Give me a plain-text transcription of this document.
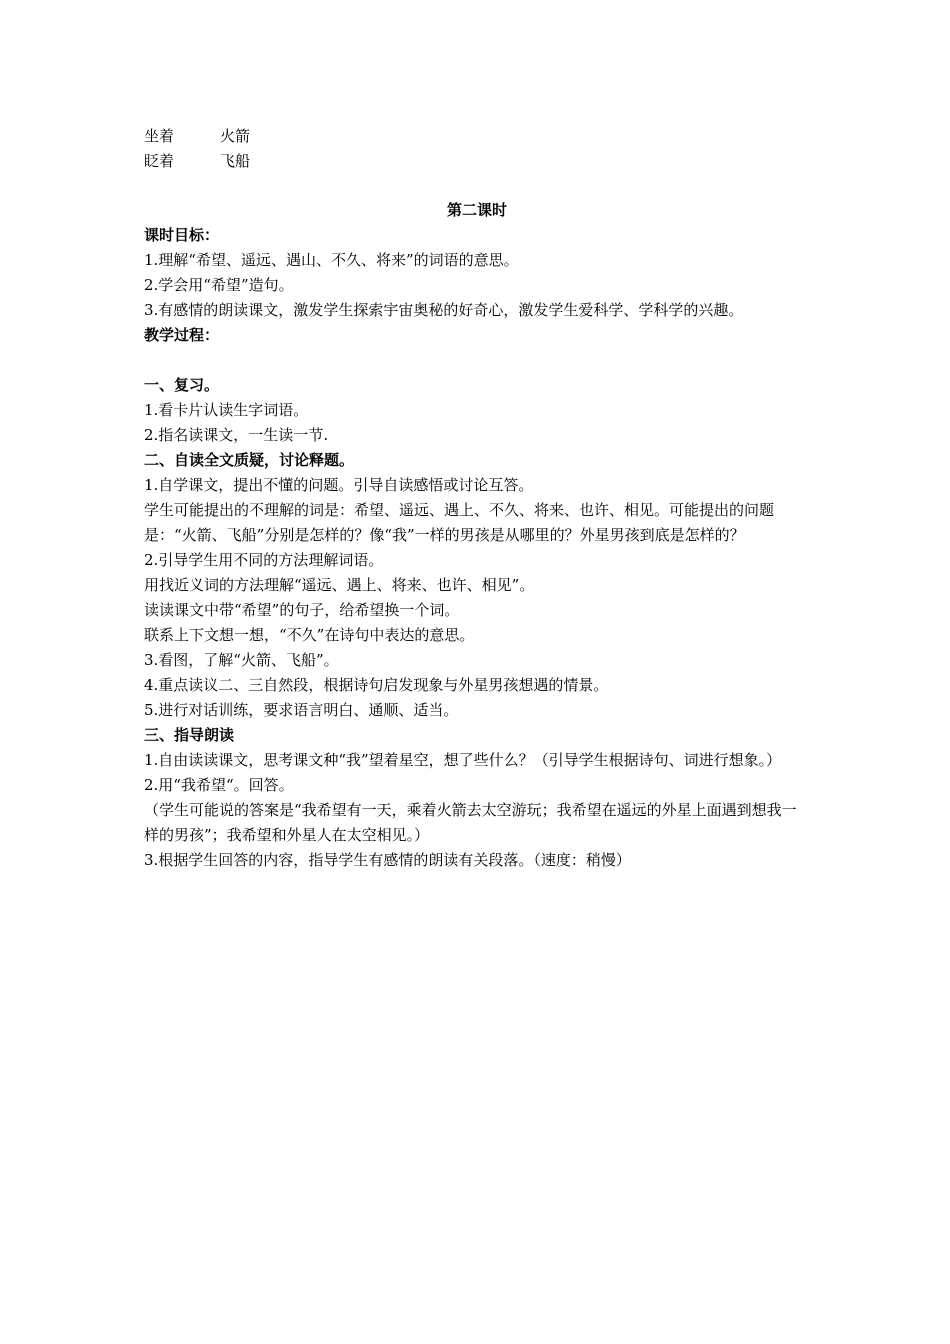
坐着	火箭
眨着	飞船
第二课时
课时目标：
1.理解“希望、遥远、遇山、不久、将来”的词语的意思。
2.学会用“希望”造句。
3.有感情的朗读课文，激发学生探索宇宙奥秘的好奇心，激发学生爱科学、学科学的兴趣。
教学过程：
一、复习。
1.看卡片认读生字词语。
2.指名读课文，一生读一节.
二、自读全文质疑，讨论释题。
1.自学课文，提出不懂的问题。引导自读感悟或讨论互答。
学生可能提出的不理解的词是：希望、遥远、遇上、不久、将来、也许、相见。可能提出的问题是：“火箭、飞船”分别是怎样的？像“我”一样的男孩是从哪里的？外星男孩到底是怎样的？
2.引导学生用不同的方法理解词语。
用找近义词的方法理解“遥远、遇上、将来、也许、相见”。
读读课文中带“希望”的句子，给希望换一个词。
联系上下文想一想，“不久”在诗句中表达的意思。
3.看图，了解“火箭、飞船”。
4.重点读议二、三自然段，根据诗句启发现象与外星男孩想遇的情景。
5.进行对话训练，要求语言明白、通顺、适当。
三、指导朗读
1.自由读读课文，思考课文种“我”望着星空，想了些什么？（引导学生根据诗句、词进行想象。）
2.用“我希望“。回答。
（学生可能说的答案是“我希望有一天，乘着火箭去太空游玩；我希望在遥远的外星上面遇到想我一样的男孩”；我希望和外星人在太空相见。）
3.根据学生回答的内容，指导学生有感情的朗读有关段落。（速度：稍慢）
